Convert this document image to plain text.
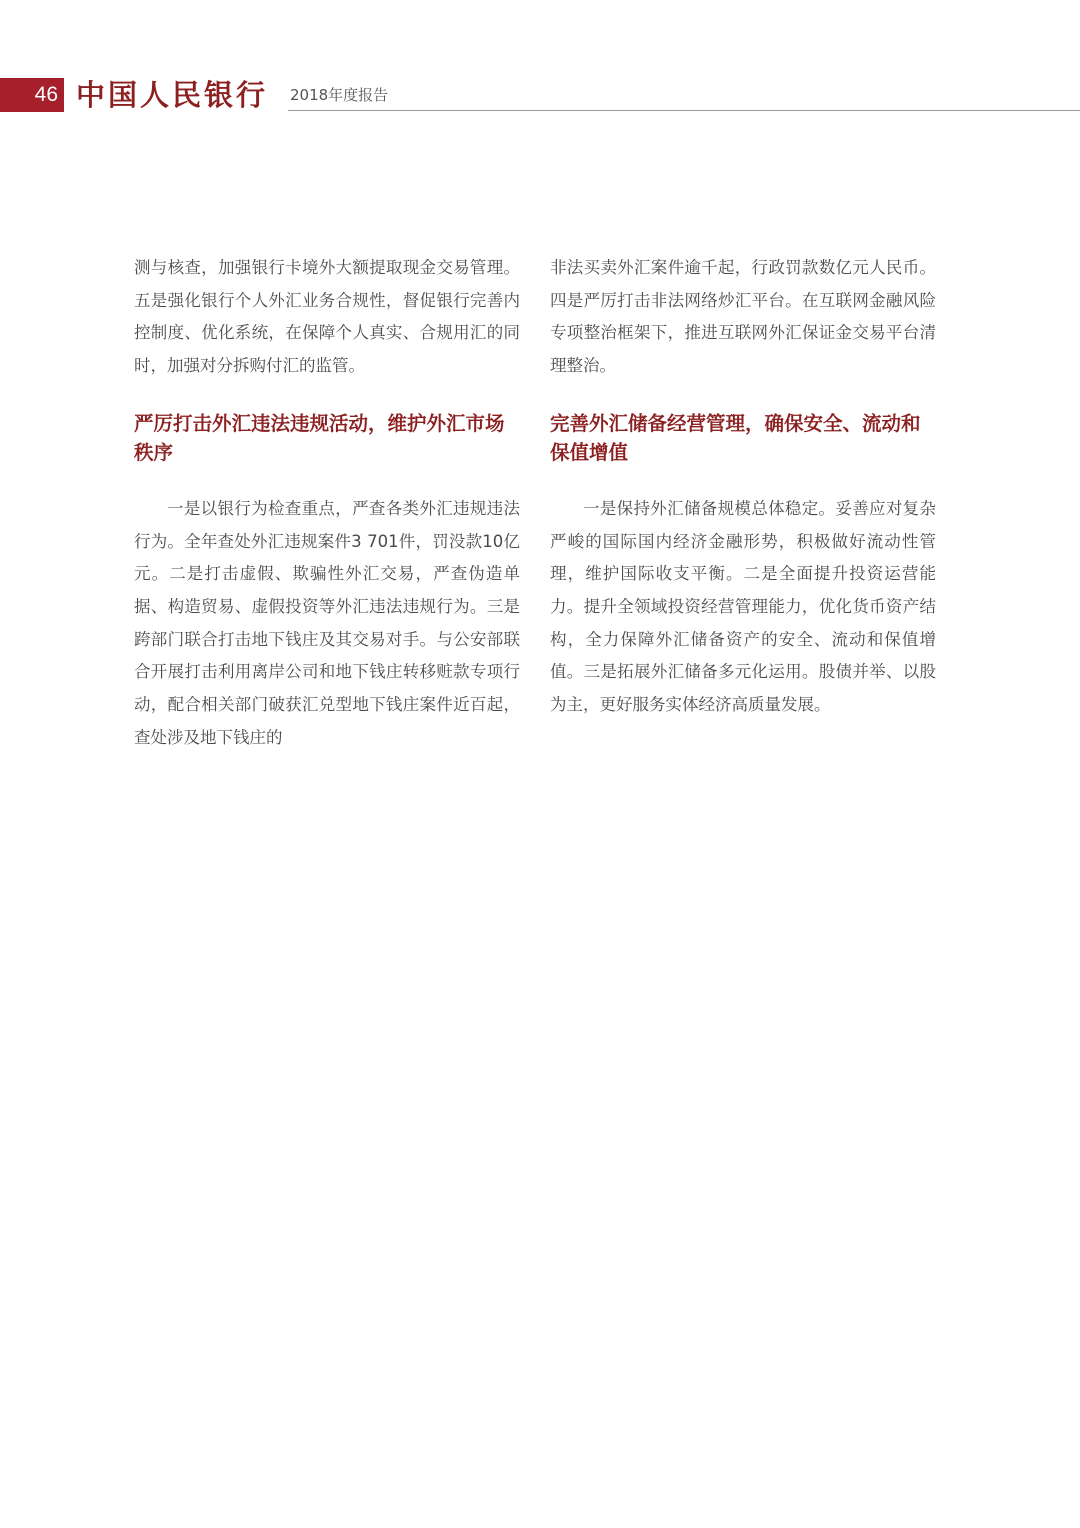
46 中国人民银行 2018年度报告

测与核查，加强银行卡境外大额提取现金交易管理。五是强化银行个人外汇业务合规性，督促银行完善内控制度、优化系统，在保障个人真实、合规用汇的同时，加强对分拆购付汇的监管。

严厉打击外汇违法违规活动，维护外汇市场秩序

一是以银行为检查重点，严查各类外汇违规违法行为。全年查处外汇违规案件3 701件，罚没款10亿元。二是打击虚假、欺骗性外汇交易，严查伪造单据、构造贸易、虚假投资等外汇违法违规行为。三是跨部门联合打击地下钱庄及其交易对手。与公安部联合开展打击利用离岸公司和地下钱庄转移赃款专项行动，配合相关部门破获汇兑型地下钱庄案件近百起，查处涉及地下钱庄的

非法买卖外汇案件逾千起，行政罚款数亿元人民币。四是严厉打击非法网络炒汇平台。在互联网金融风险专项整治框架下，推进互联网外汇保证金交易平台清理整治。

完善外汇储备经营管理，确保安全、流动和保值增值

一是保持外汇储备规模总体稳定。妥善应对复杂严峻的国际国内经济金融形势，积极做好流动性管理，维护国际收支平衡。二是全面提升投资运营能力。提升全领域投资经营管理能力，优化货币资产结构，全力保障外汇储备资产的安全、流动和保值增值。三是拓展外汇储备多元化运用。股债并举、以股为主，更好服务实体经济高质量发展。
